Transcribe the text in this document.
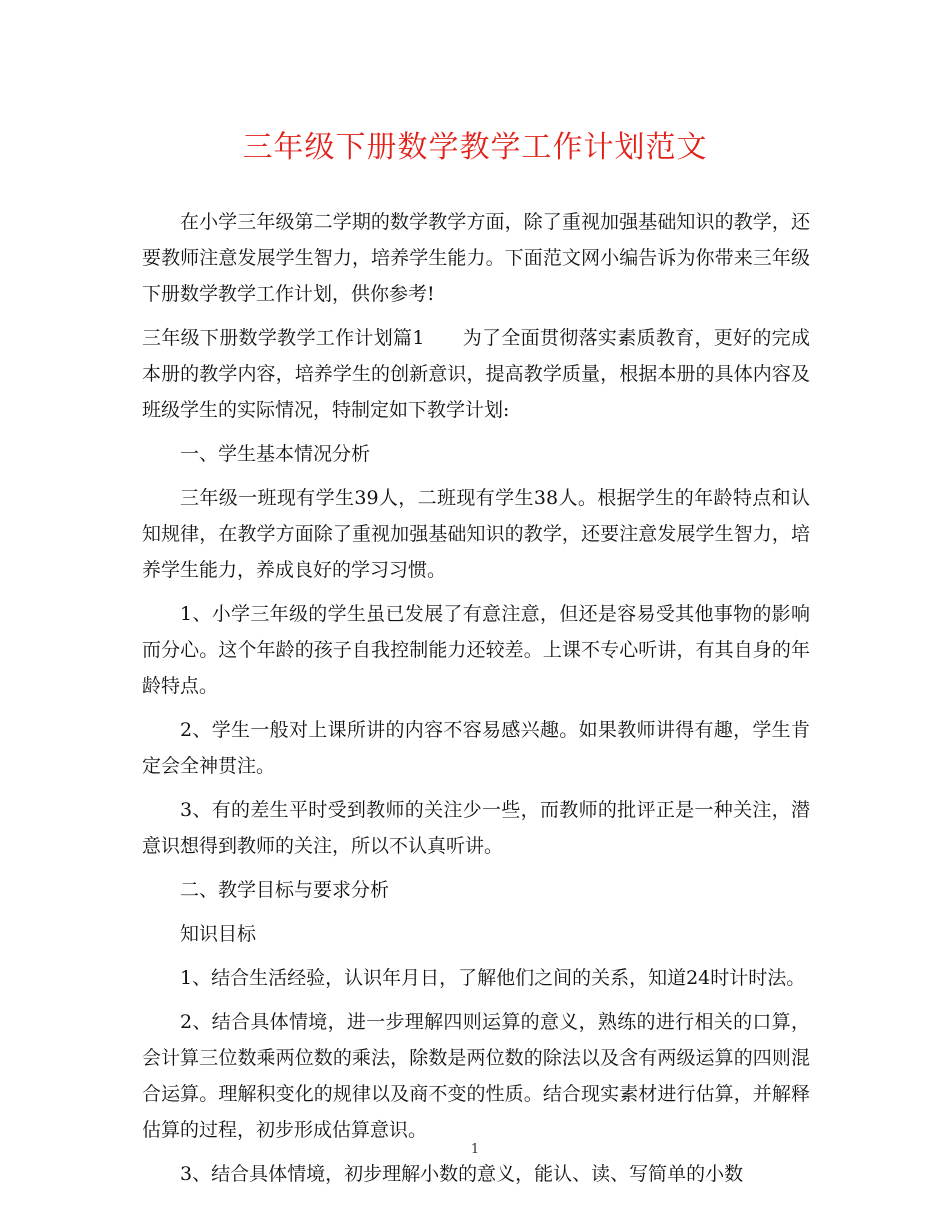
三年级下册数学教学工作计划范文

在小学三年级第二学期的数学教学方面，除了重视加强基础知识的教学，还要教师注意发展学生智力，培养学生能力。下面范文网小编告诉为你带来三年级下册数学教学工作计划，供你参考!

三年级下册数学教学工作计划篇1 为了全面贯彻落实素质教育，更好的完成本册的教学内容，培养学生的创新意识，提高教学质量，根据本册的具体内容及班级学生的实际情况，特制定如下教学计划:

一、学生基本情况分析

三年级一班现有学生39人，二班现有学生38人。根据学生的年龄特点和认知规律，在教学方面除了重视加强基础知识的教学，还要注意发展学生智力，培养学生能力，养成良好的学习习惯。

1、小学三年级的学生虽已发展了有意注意，但还是容易受其他事物的影响而分心。这个年龄的孩子自我控制能力还较差。上课不专心听讲，有其自身的年龄特点。

2、学生一般对上课所讲的内容不容易感兴趣。如果教师讲得有趣，学生肯定会全神贯注。

3、有的差生平时受到教师的关注少一些，而教师的批评正是一种关注，潜意识想得到教师的关注，所以不认真听讲。

二、教学目标与要求分析

知识目标

1、结合生活经验，认识年月日，了解他们之间的关系，知道24时计时法。

2、结合具体情境，进一步理解四则运算的意义，熟练的进行相关的口算，会计算三位数乘两位数的乘法，除数是两位数的除法以及含有两级运算的四则混合运算。理解积变化的规律以及商不变的性质。结合现实素材进行估算，并解释估算的过程，初步形成估算意识。

3、结合具体情境，初步理解小数的意义，能认、读、写简单的小数

1
